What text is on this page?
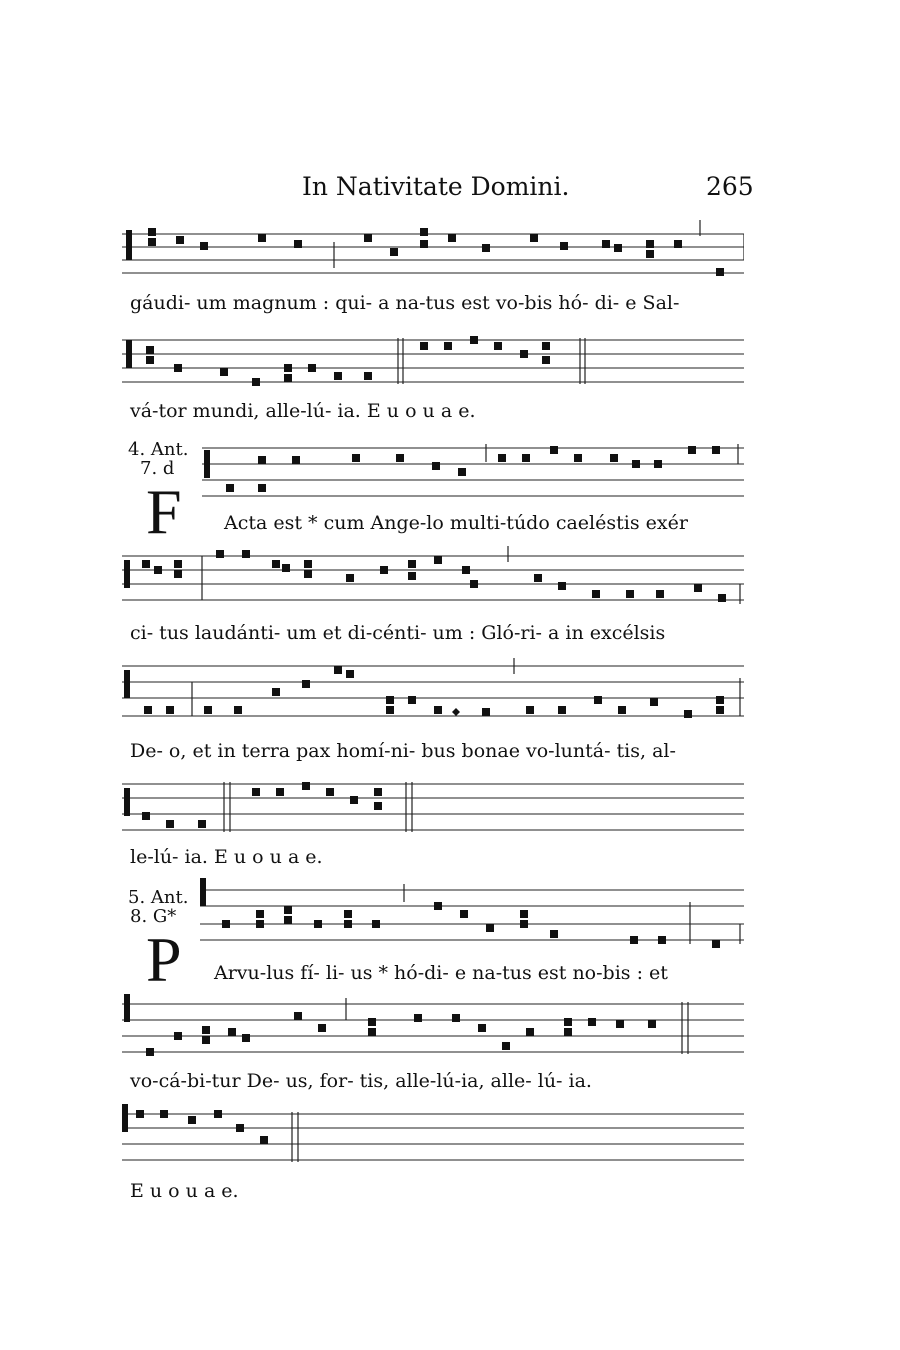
In Nativitate Domini.	265
gáudi- um magnum : qui- a na-tus est vo-bis hó- di- e Sal-
vá-tor mundi, alle-lú- ia. E u o u a e.
4. Ant.
7. d
F Acta est * cum Ange-lo multi-túdo caeléstis exér
ci- tus laudánti- um et di-cénti- um : Gló-ri- a in excélsis
De- o, et in terra pax homí-ni- bus bonae vo-luntá- tis, al-
le-lú- ia. E u o u a e.
5. Ant.
8. G*
P Arvu-lus fí- li- us * hó-di- e na-tus est no-bis : et
vo-cá-bi-tur De- us, for- tis, alle-lú-ia, alle- lú- ia.
E u o u a e.
